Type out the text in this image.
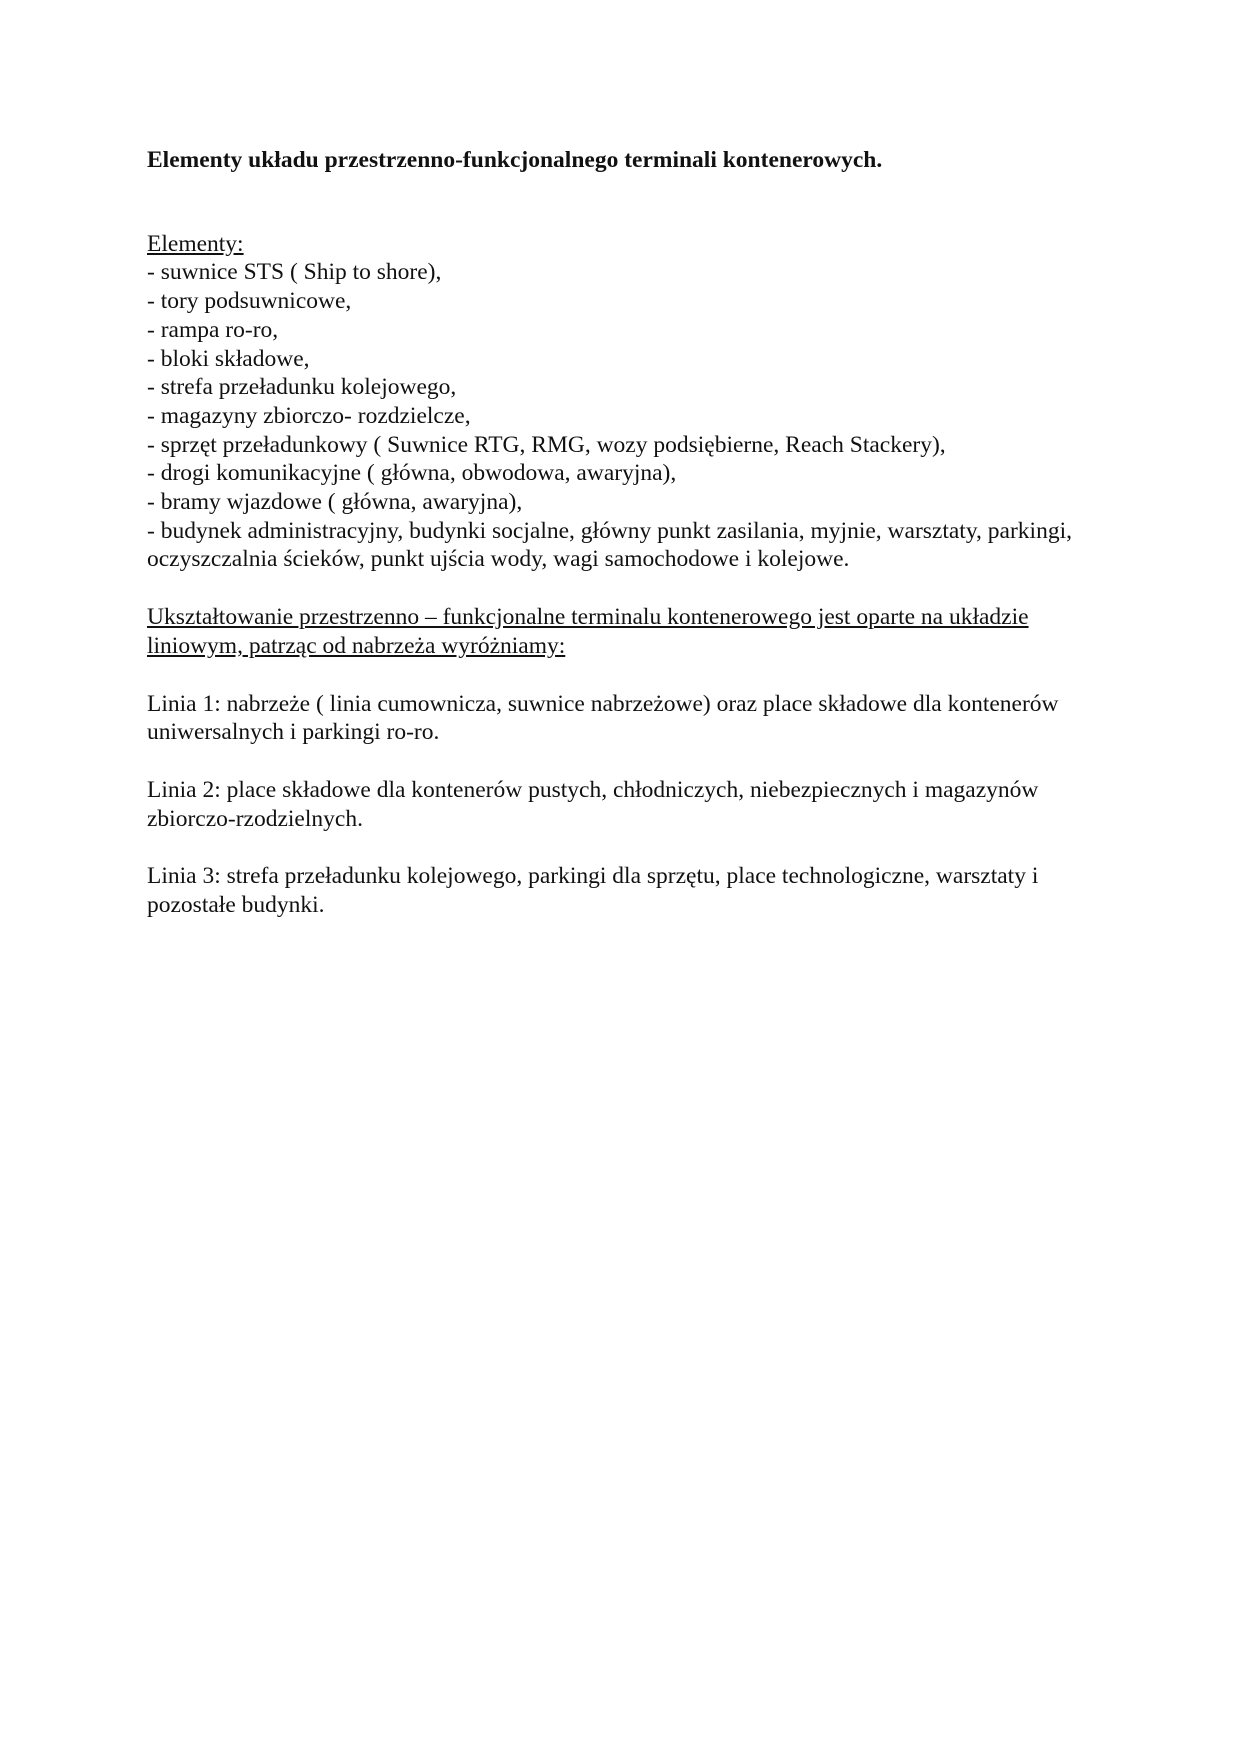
Elementy układu przestrzenno-funkcjonalnego terminali kontenerowych.

Elementy:

- suwnice STS ( Ship to shore),
- tory podsuwnicowe,
- rampa ro-ro,
- bloki składowe,
- strefa przeładunku kolejowego,
- magazyny zbiorczo- rozdzielcze,
- sprzęt przeładunkowy ( Suwnice RTG, RMG, wozy podsiębierne, Reach Stackery),
- drogi komunikacyjne ( główna, obwodowa, awaryjna),
- bramy wjazdowe ( główna, awaryjna),
- budynek administracyjny, budynki socjalne, główny punkt zasilania, myjnie, warsztaty, parkingi, oczyszczalnia ścieków, punkt ujścia wody, wagi samochodowe i kolejowe.

Ukształtowanie przestrzenno – funkcjonalne terminalu kontenerowego jest oparte na układzie liniowym, patrząc od nabrzeża wyróżniamy:

Linia 1: nabrzeże ( linia cumownicza, suwnice nabrzeżowe) oraz place składowe dla kontenerów uniwersalnych i parkingi ro-ro.

Linia 2: place składowe dla kontenerów pustych, chłodniczych, niebezpiecznych i magazynów zbiorczo-rzodzielnych.

Linia 3: strefa przeładunku kolejowego, parkingi dla sprzętu, place technologiczne, warsztaty i pozostałe budynki.
